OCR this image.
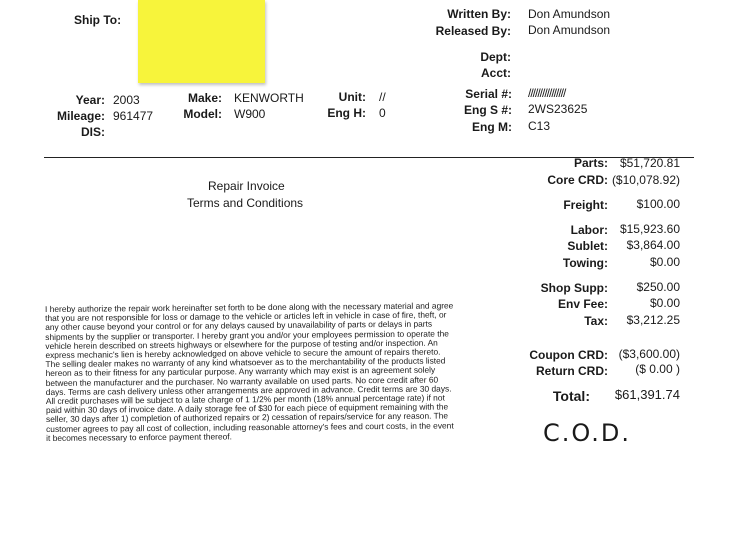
Ship To:	Written By: Don Amundson
Released By: Don Amundson
Dept:
Acct:
Year: 2003
Mileage: 961477
DIS:
Make: KENWORTH
Model: W900
Unit: //
Eng H: 0
Serial #: ////////////////
Eng S #: 2WS23625
Eng M: C13
Repair Invoice
Terms and Conditions
I hereby authorize the repair work hereinafter set forth to be done along with the necessary material and agree that you are not responsible for loss or damage to the vehicle or articles left in vehicle in case of fire, theft, or any other cause beyond your control or for any delays caused by unavailability of parts or delays in parts shipments by the supplier or transporter. I hereby grant you and/or your employees permission to operate the vehicle herein described on streets highways or elsewhere for the purpose of testing and/or inspection. An express mechanic's lien is hereby acknowledged on above vehicle to secure the amount of repairs thereto. The selling dealer makes no warranty of any kind whatsoever as to the merchantability of the products listed hereon as to their fitness for any particular purpose. Any warranty which may exist is an agreement solely between the manufacturer and the purchaser. No warranty available on used parts. No core credit after 60 days. Terms are cash delivery unless other arrangements are approved in advance. Credit terms are 30 days. All credit purchases will be subject to a late charge of 1 1/2% per month (18% annual percentage rate) if not paid within 30 days of invoice date. A daily storage fee of $30 for each piece of equipment remaining with the seller, 30 days after 1) completion of authorized repairs or 2) cessation of repairs/service for any reason. The customer agrees to pay all cost of collection, including reasonable attorney's fees and court costs, in the event it becomes necessary to enforce payment thereof.
Parts: $51,720.81
Core CRD: ($10,078.92)
Freight:	$100.00
Labor: $15,923.60
Sublet:	$3,864.00
Towing:	$0.00
Shop Supp:	$250.00
Env Fee:	$0.00
Tax:	$3,212.25
Coupon CRD: ($3,600.00)
Return CRD:	($ 0.00 )
Total:	$61,391.74
C.O.D.
